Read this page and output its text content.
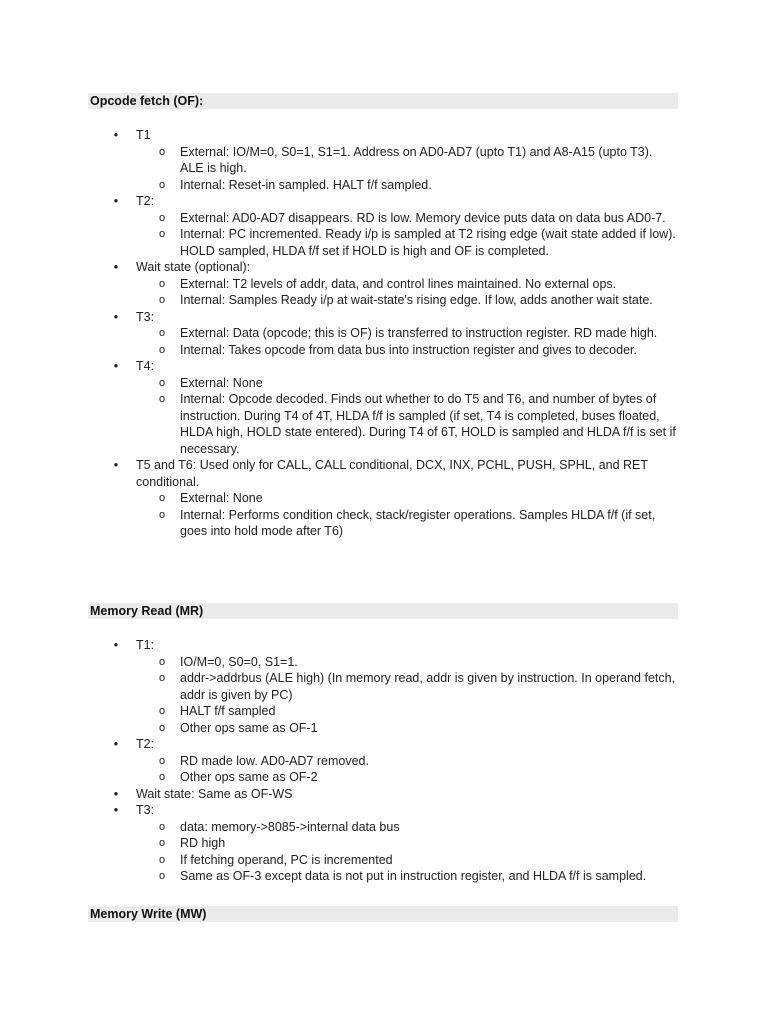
Opcode fetch (OF):
• T1
o External: IO/M=0, S0=1, S1=1. Address on AD0-AD7 (upto T1) and A8-A15 (upto T3). ALE is high.
o Internal: Reset-in sampled. HALT f/f sampled.
• T2:
o External: AD0-AD7 disappears. RD is low. Memory device puts data on data bus AD0-7.
o Internal: PC incremented. Ready i/p is sampled at T2 rising edge (wait state added if low). HOLD sampled, HLDA f/f set if HOLD is high and OF is completed.
• Wait state (optional):
o External: T2 levels of addr, data, and control lines maintained. No external ops.
o Internal: Samples Ready i/p at wait-state's rising edge. If low, adds another wait state.
• T3:
o External: Data (opcode; this is OF) is transferred to instruction register. RD made high.
o Internal: Takes opcode from data bus into instruction register and gives to decoder.
• T4:
o External: None
o Internal: Opcode decoded. Finds out whether to do T5 and T6, and number of bytes of instruction. During T4 of 4T, HLDA f/f is sampled (if set, T4 is completed, buses floated, HLDA high, HOLD state entered). During T4 of 6T, HOLD is sampled and HLDA f/f is set if necessary.
• T5 and T6: Used only for CALL, CALL conditional, DCX, INX, PCHL, PUSH, SPHL, and RET conditional.
o External: None
o Internal: Performs condition check, stack/register operations. Samples HLDA f/f (if set, goes into hold mode after T6)
Memory Read (MR)
• T1:
o IO/M=0, S0=0, S1=1.
o addr->addrbus (ALE high) (In memory read, addr is given by instruction. In operand fetch, addr is given by PC)
o HALT f/f sampled
o Other ops same as OF-1
• T2:
o RD made low. AD0-AD7 removed.
o Other ops same as OF-2
• Wait state: Same as OF-WS
• T3:
o data: memory->8085->internal data bus
o RD high
o If fetching operand, PC is incremented
o Same as OF-3 except data is not put in instruction register, and HLDA f/f is sampled.
Memory Write (MW)
